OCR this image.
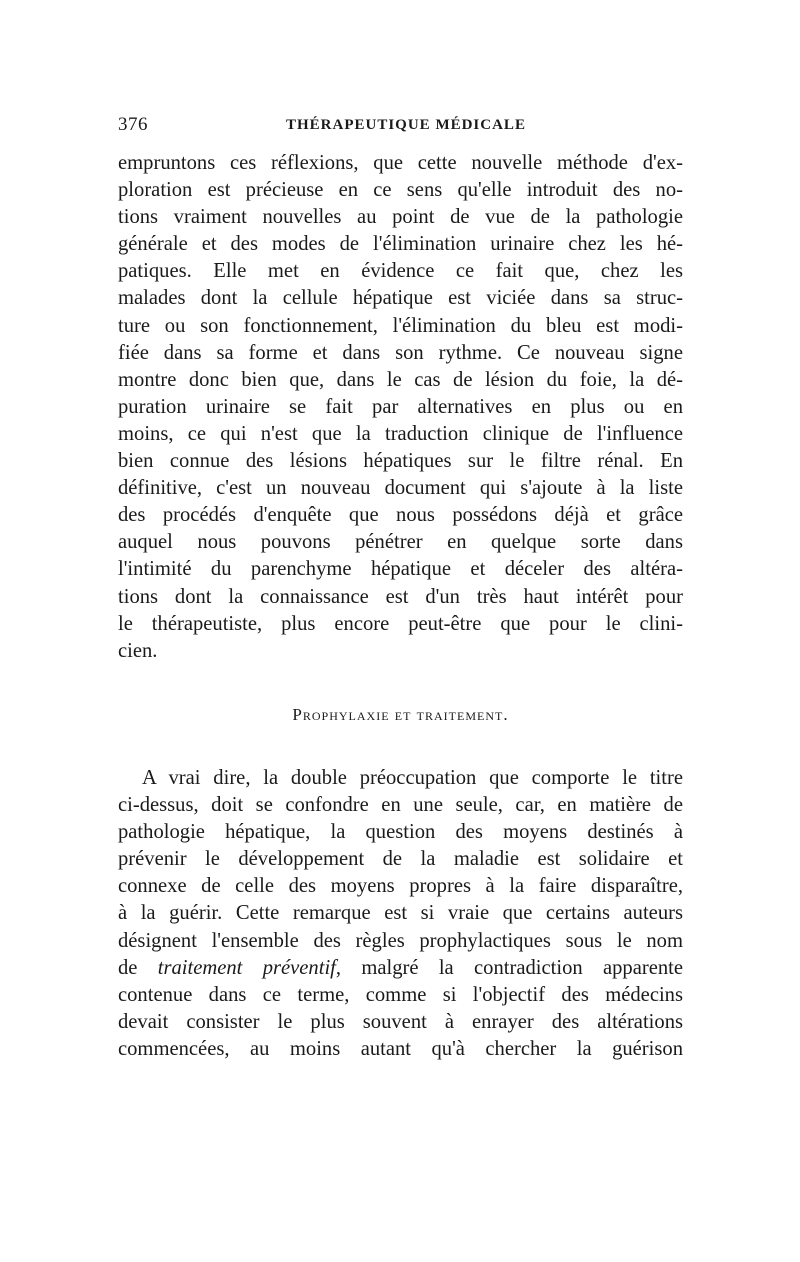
376	THÉRAPEUTIQUE MÉDICALE

empruntons ces réflexions, que cette nouvelle méthode d'ex-
ploration est précieuse en ce sens qu'elle introduit des no-
tions vraiment nouvelles au point de vue de la pathologie
générale et des modes de l'élimination urinaire chez les hé-
patiques. Elle met en évidence ce fait que, chez les
malades dont la cellule hépatique est viciée dans sa struc-
ture ou son fonctionnement, l'élimination du bleu est modi-
fiée dans sa forme et dans son rythme. Ce nouveau signe
montre donc bien que, dans le cas de lésion du foie, la dé-
puration urinaire se fait par alternatives en plus ou en
moins, ce qui n'est que la traduction clinique de l'influence
bien connue des lésions hépatiques sur le filtre rénal. En
définitive, c'est un nouveau document qui s'ajoute à la liste
des procédés d'enquête que nous possédons déjà et grâce
auquel nous pouvons pénétrer en quelque sorte dans
l'intimité du parenchyme hépatique et déceler des altéra-
tions dont la connaissance est d'un très haut intérêt pour
le thérapeutiste, plus encore peut-être que pour le clini-
cien.

Prophylaxie et traitement.

A vrai dire, la double préoccupation que comporte le titre
ci-dessus, doit se confondre en une seule, car, en matière de
pathologie hépatique, la question des moyens destinés à
prévenir le développement de la maladie est solidaire et
connexe de celle des moyens propres à la faire disparaître,
à la guérir. Cette remarque est si vraie que certains auteurs
désignent l'ensemble des règles prophylactiques sous le nom
de traitement préventif, malgré la contradiction apparente
contenue dans ce terme, comme si l'objectif des médecins
devait consister le plus souvent à enrayer des altérations
commencées, au moins autant qu'à chercher la guérison
